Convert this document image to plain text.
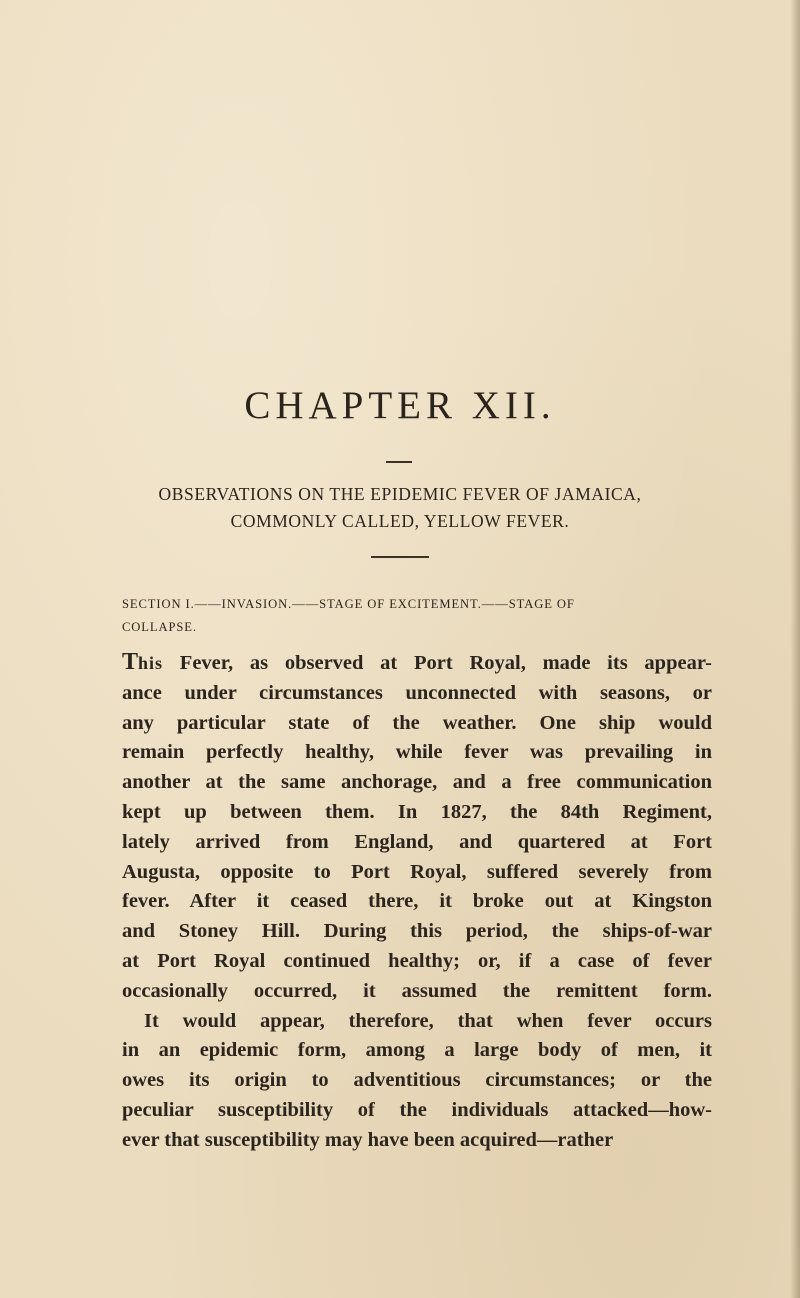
CHAPTER XII.
OBSERVATIONS ON THE EPIDEMIC FEVER OF JAMAICA,
COMMONLY CALLED, YELLOW FEVER.
SECTION I.——INVASION.——STAGE OF EXCITEMENT.——STAGE OF
COLLAPSE.
This Fever, as observed at Port Royal, made its appear-
ance under circumstances unconnected with seasons, or
any particular state of the weather. One ship would
remain perfectly healthy, while fever was prevailing in
another at the same anchorage, and a free communication
kept up between them. In 1827, the 84th Regiment,
lately arrived from England, and quartered at Fort
Augusta, opposite to Port Royal, suffered severely from
fever. After it ceased there, it broke out at Kingston
and Stoney Hill. During this period, the ships-of-war
at Port Royal continued healthy; or, if a case of fever
occasionally occurred, it assumed the remittent form.
It would appear, therefore, that when fever occurs
in an epidemic form, among a large body of men, it
owes its origin to adventitious circumstances; or the
peculiar susceptibility of the individuals attacked—how-
ever that susceptibility may have been acquired—rather
